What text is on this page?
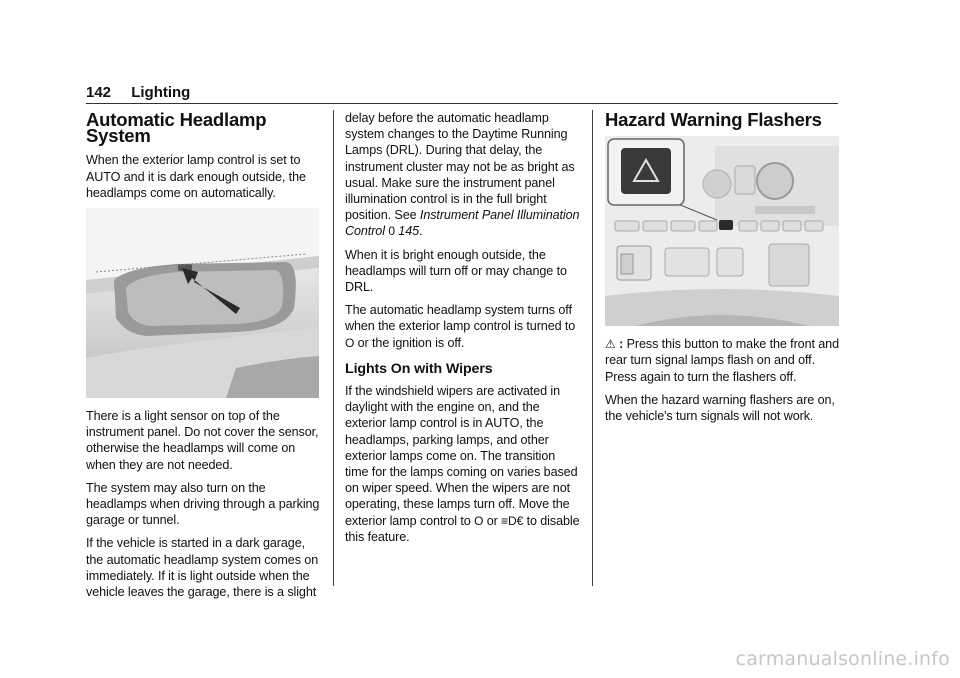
142 Lighting
Automatic Headlamp System

When the exterior lamp control is set to AUTO and it is dark enough outside, the headlamps come on automatically.

There is a light sensor on top of the instrument panel. Do not cover the sensor, otherwise the headlamps will come on when they are not needed.

The system may also turn on the headlamps when driving through a parking garage or tunnel.

If the vehicle is started in a dark garage, the automatic headlamp system comes on immediately. If it is light outside when the vehicle leaves the garage, there is a slight

delay before the automatic headlamp system changes to the Daytime Running Lamps (DRL). During that delay, the instrument cluster may not be as bright as usual. Make sure the instrument panel illumination control is in the full bright position. See Instrument Panel Illumination Control 0 145.

When it is bright enough outside, the headlamps will turn off or may change to DRL.

The automatic headlamp system turns off when the exterior lamp control is turned to
O or the ignition is off.

Lights On with Wipers

If the windshield wipers are activated in daylight with the engine on, and the exterior lamp control is in AUTO, the headlamps, parking lamps, and other exterior lamps come on. The transition time for the lamps coming on varies based on wiper speed. When the wipers are not operating, these lamps turn off. Move the exterior lamp control to O or ≡D€ to disable this feature.

Hazard Warning Flashers

⚠ : Press this button to make the front and rear turn signal lamps flash on and off. Press again to turn the flashers off.

When the hazard warning flashers are on, the vehicle's turn signals will not work.

carmanualsonline.info
